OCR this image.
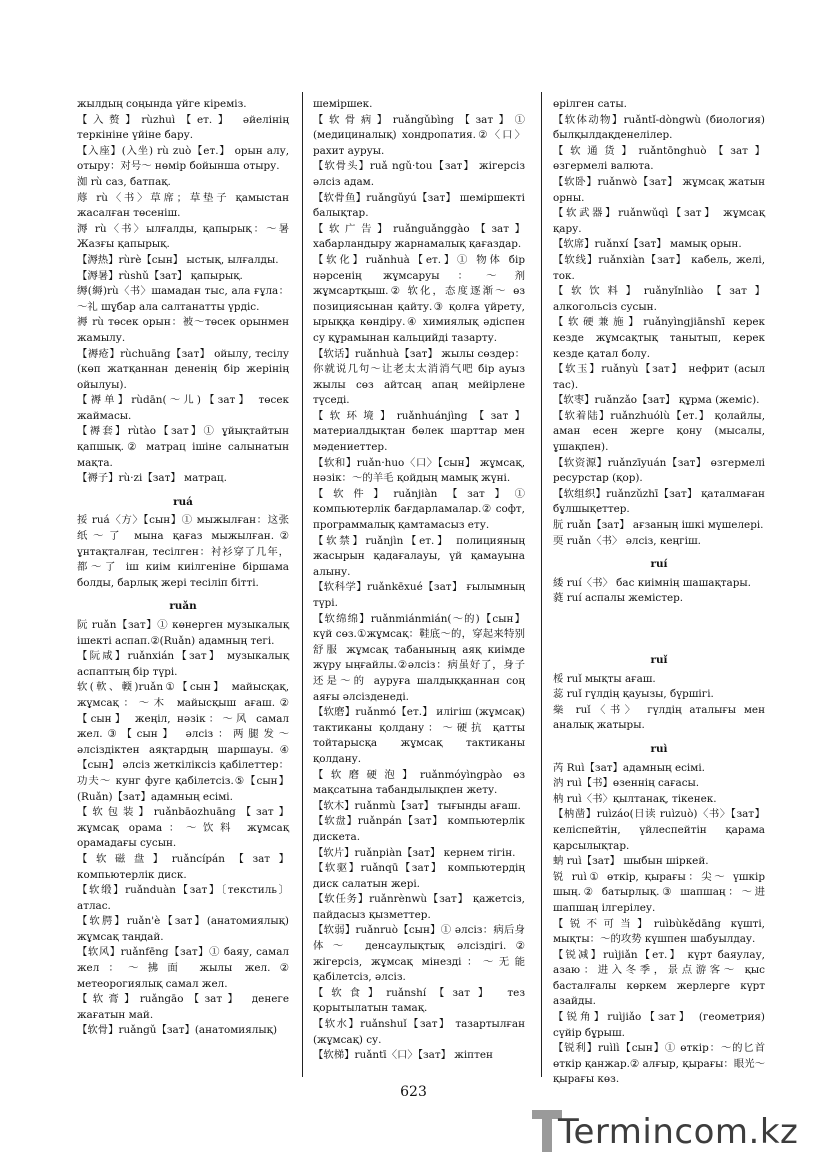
жылдың соңында үйге кіреміз.
【入赘】rùzhuì【ет.】 әйелінің теркініне үйіне бару.
【入座】(入坐) rù zuò【ет.】 орын алу, отыру：对号～ нөмір бойынша отыру.
洳 rù саз, батпақ.
蓐 rù〈书〉草席；草垫子 қамыстан жасалған төсеніш.
溽 rù〈书〉ылғалды, қапырық：～暑 Жазғы қапырық.
【溽热】rùrè【сын】 ыстық, ылғалды.
【溽暑】rùshǔ【зат】 қапырық.
缛(縟)rù〈书〉шамадан тыс, ала ғұла：～礼 шұбар ала салтанатты үрдіс.
褥 rù төсек орын：被～төсек орынмен жамылу.
【褥疮】rùchuāng【зат】 ойылу, тесілу (көп жатқаннан дененің бір жерінің ойылуы).
【褥单】rùdān(～儿)【зат】 төсек жаймасы.
【褥套】rùtào【зат】① ұйықтайтын қапшық.② матрац ішіне салынатын мақта.
【褥子】rù·zi【зат】 матрац.
ruá
挼 ruá〈方〉【сын】① мыжылған：这张纸～了 мына қағаз мыжылған.② ұнтақталған, тесілген：衬衫穿了几年，都～了 іш киім киілгеніне біршама болды, барлық жері тесіліп бітті.
ruǎn
阮 ruǎn【зат】① көнерген музыкалық ішекті аспап.②(Ruǎn) адамның тегі.
【阮咸】ruǎnxián【зат】 музыкалық аспаптың бір түрі.
软(軟、輭)ruǎn①【сын】 майысқақ, жұмсақ：～木 майысқыш ағаш.②【сын】 жеңіл, нәзік：～风 самал жел.③【сын】 әлсіз：两腿发～ әлсіздіктен аяқтардың шаршауы.④【сын】 әлсіз жеткіліксіз қабілеттер：功夫～ кунг фуге қабілетсіз.⑤【сын】(Ruǎn)【зат】адамның есімі.
【软包装】ruǎnbāozhuāng【зат】 жұмсақ орама：～饮料 жұмсақ орамадағы сусын.
【软磁盘】ruǎncípán【зат】 компьютерлік диск.
【软缎】ruǎnduàn【зат】〔текстиль〕 атлас.
【软腭】ruǎn'è【зат】(анатомиялық) жұмсақ таңдай.
【软风】ruǎnfēng【зат】① баяу, самал жел：～拂面 жылы жел.② метеорогиялық самал жел.
【软膏】ruǎngāo【зат】 денеге жағатын май.
【软骨】ruǎngǔ【зат】(анатомиялық)
шеміршек.
【软骨病】ruǎngǔbìng【зат】① (медициналық) хондропатия.②〈口〉 рахит ауруы.
【软骨头】ruǎ ngǔ·tou【зат】 жігерсіз әлсіз адам.
【软骨鱼】ruǎngǔyú【зат】 шеміршекті балықтар.
【软广告】ruǎnguǎnggào【зат】 хабарландыру жарнамалық қағаздар.
【软化】ruǎnhuà【ет.】① 物体 бір нәрсенің жұмсаруы：～剂 жұмсартқыш.② 软化，态度逐渐～ өз позициясынан қайту.③ қолға үйрету, ырыққа көндіру.④ химиялық әдіспен су құрамынан кальцийді тазарту.
【软话】ruǎnhuà【зат】 жылы сөздер：你就说几句～让老太太消消气吧 бір ауыз жылы сөз айтсаң апаң мейірлене түседі.
【软环境】ruǎnhuánjìng【зат】 материалдықтан бөлек шарттар мен мәдениеттер.
【软和】ruǎn·huo〈口〉【сын】 жұмсақ, нәзік：～的羊毛 қойдың мамық жүні.
【软件】ruǎnjiàn【зат】① компьютерлік бағдарламалар.② софт, программалық қамтамасыз ету.
【软禁】ruǎnjìn【ет.】 полицияның жасырын қадағалауы, үй қамауына алыну.
【软科学】ruǎnkēxué【зат】 ғылымның түрі.
【软绵绵】ruǎnmiánmián(～的)【сын】 күй сөз.①жұмсақ：鞋底～的，穿起来特别舒服 жұмсақ табанының аяқ киімде жүру ыңғайлы.②әлсіз：病虽好了，身子还是～的 ауруға шалдыққаннан соң аяғы әлсізденеді.
【软磨】ruǎnmó【ет.】 илігіш (жұмсақ) тактиканы қолдану：～硬抗 қатты тойтарысқа жұмсақ тактиканы қолдану.
【软磨硬泡】ruǎnmóyìngpào өз мақсатына табандылықпен жету.
【软木】ruǎnmù【зат】 тығынды ағаш.
【软盘】ruǎnpán【зат】 компьютерлік дискета.
【软片】ruǎnpiàn【зат】 кернем тігін.
【软驱】ruǎnqū【зат】 компьютердің диск салатын жері.
【软任务】ruǎnrènwù【зат】 қажетсіз, пайдасыз қызметтер.
【软弱】ruǎnruò【сын】① әлсіз：病后身体～ денсаулықтық әлсіздігі.② жігерсіз, жұмсақ мінезді：～无能 қабілетсіз, әлсіз.
【软食】ruǎnshí【зат】 тез қорытылатын тамақ.
【软水】ruǎnshuǐ【зат】 тазартылған (жұмсақ) су.
【软梯】ruǎntī〈口〉【зат】 жіптен
өрілген саты.
【软体动物】ruǎntǐ-dòngwù (биология) былқылдақденелілер.
【软通货】ruǎntōnghuò【зат】 өзгермелі валюта.
【软卧】ruǎnwò【зат】 жұмсақ жатын орны.
【软武器】ruǎnwǔqì【зат】 жұмсақ қару.
【软席】ruǎnxí【зат】 мамық орын.
【软线】ruǎnxiàn【зат】 кабель, желі, ток.
【软饮料】ruǎnyǐnliào【зат】 алкогольсіз сусын.
【软硬兼施】ruǎnyìngjiānshī керек кезде жұмсақтық танытып, керек кезде қатал болу.
【软玉】ruǎnyù【зат】 нефрит (асыл тас).
【软枣】ruǎnzǎo【зат】 құрма (жеміс).
【软着陆】ruǎnzhuólù【ет.】 қолайлы, аман есен жерге қону (мысалы, ұшақпен).
【软资源】ruǎnzīyuán【зат】 өзгермелі ресурстар (қор).
【软组织】ruǎnzǔzhī【зат】 қаталмаған бұлшықеттер.
朊 ruǎn【зат】 ағзаның ішкі мүшелері.
耎 ruǎn〈书〉 әлсіз, кеңгіш.
ruí
緌 ruí〈书〉 бас киімнің шашақтары.
蕤 ruí аспалы жемістер.
ruǐ
桵 ruǐ мықты ағаш.
蕊 ruǐ гүлдің қауызы, бүршігі.
橤 ruǐ〈书〉 гүлдің аталығы мен аналық жатыры.
ruì
芮 Ruì【зат】адамның есімі.
汭 ruì【书】өзеннің сағасы.
枘 ruì〈书〉қылтанақ, тікенек.
【枘凿】ruìzáo(日读 ruìzuò)〈书〉【зат】 келіспейтін, үйлеспейтін қарама қарсылықтар.
蚋 ruì【зат】 шыбын шіркей.
锐 ruì① өткір, қырағы：尖～ үшкір шың.② батырлық.③ шапшаң：～进 шапшаң ілгерілеу.
【锐不可当】ruìbùkědāng күшті, мықты：～的攻势 күшпен шабуылдау.
【锐减】ruìjiǎn【ет.】 күрт баяулау, азаю：进入冬季，景点游客～ қыс басталғалы көркем жерлерге күрт азайды.
【锐角】ruìjiǎo【зат】 (геометрия) сүйір бұрыш.
【锐利】ruìlì【сын】① өткір：～的匕首 өткір қанжар.② алғыр, қырағы：眼光～ қырағы көз.
623
Termincom.kz
